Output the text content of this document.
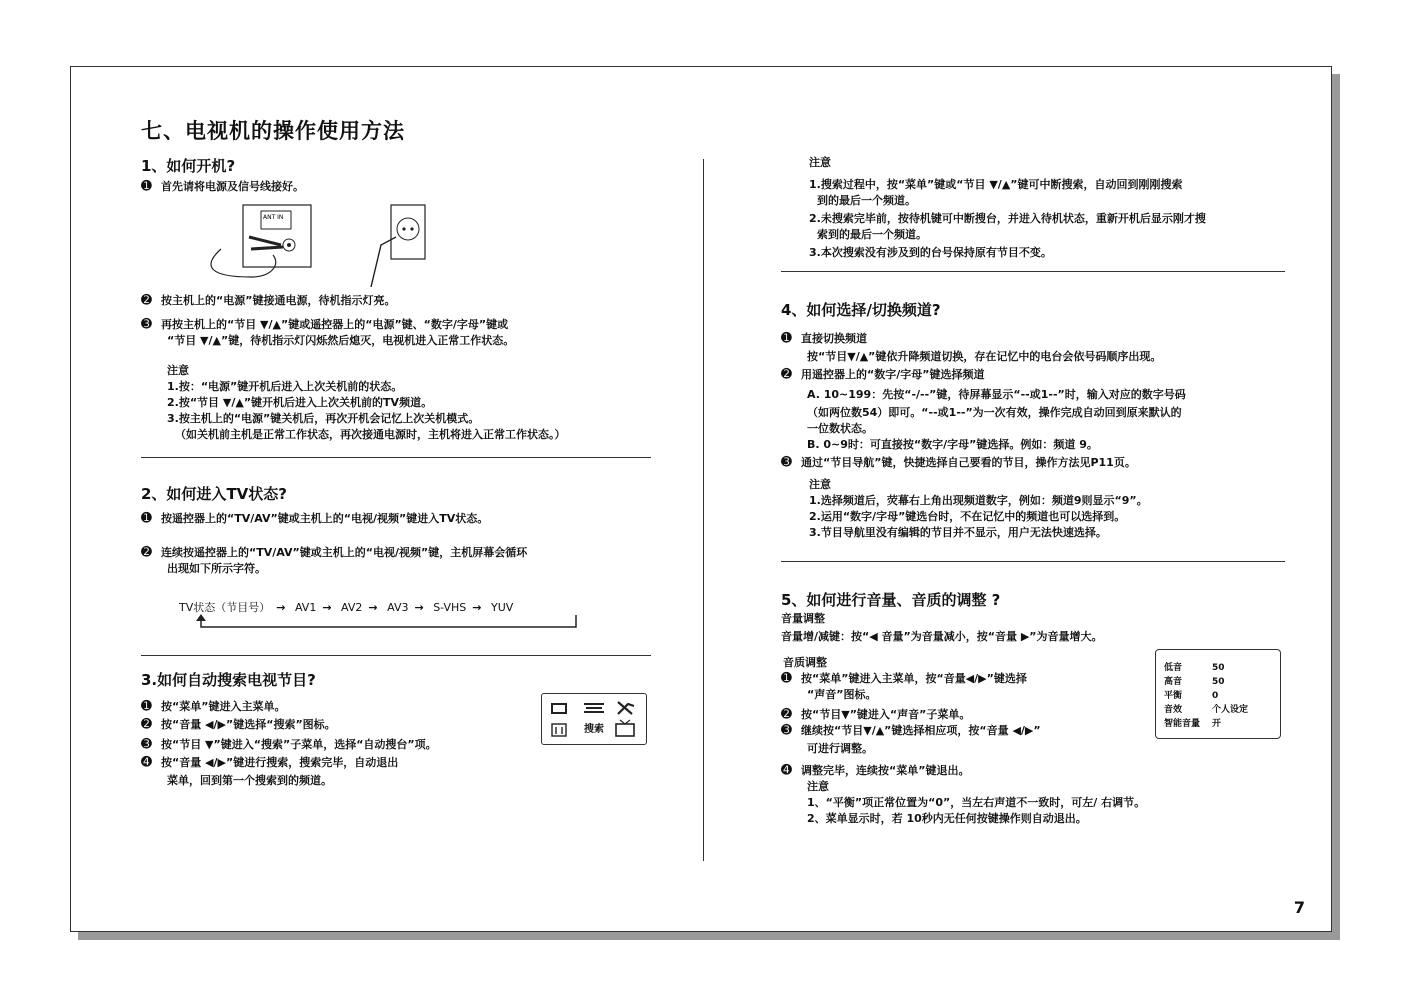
七、电视机的操作使用方法
1、如何开机?
➊ 首先请将电源及信号线接好。
ANT IN
➋ 按主机上的“电源”键接通电源，待机指示灯亮。
➌ 再按主机上的“节目 ▼/▲”键或遥控器上的“电源”键、“数字/字母”键或
“节目 ▼/▲”键，待机指示灯闪烁然后熄灭，电视机进入正常工作状态。
注意
1.按：“电源”键开机后进入上次关机前的状态。
2.按“节目 ▼/▲”键开机后进入上次关机前的TV频道。
3.按主机上的“电源”键关机后，再次开机会记忆上次关机模式。
（如关机前主机是正常工作状态，再次接通电源时，主机将进入正常工作状态。）
2、如何进入TV状态?
➊ 按遥控器上的“TV/AV”键或主机上的“电视/视频”键进入TV状态。
➋ 连续按遥控器上的“TV/AV”键或主机上的“电视/视频”键，主机屏幕会循环
出现如下所示字符。
TV状态（节目号） → AV1 → AV2 → AV3 → S-VHS → YUV
3.如何自动搜索电视节目?
➊ 按“菜单”键进入主菜单。
➋ 按“音量 ◀/▶”键选择“搜索”图标。
➌ 按“节目 ▼”键进入“搜索”子菜单，选择“自动搜台”项。
➍ 按“音量 ◀/▶”键进行搜索，搜索完毕，自动退出
菜单，回到第一个搜索到的频道。
搜索
注意
1.搜索过程中，按“菜单”键或“节目 ▼/▲”键可中断搜索，自动回到刚刚搜索
到的最后一个频道。
2.未搜索完毕前，按待机键可中断搜台，并进入待机状态，重新开机后显示刚才搜
索到的最后一个频道。
3.本次搜索没有涉及到的台号保持原有节目不变。
4、如何选择/切换频道?
➊ 直接切换频道
按“节目▼/▲”键依升降频道切换，存在记忆中的电台会依号码顺序出现。
➋ 用遥控器上的“数字/字母”键选择频道
A. 10~199：先按“-/--”键，待屏幕显示“--或1--”时，输入对应的数字号码
（如两位数54）即可。“--或1--”为一次有效，操作完成自动回到原来默认的
一位数状态。
B. 0~9时：可直接按“数字/字母”键选择。例如：频道 9。
➌ 通过“节目导航”键，快捷选择自己要看的节目，操作方法见P11页。
注意
1.选择频道后，荧幕右上角出现频道数字，例如：频道9则显示“9”。
2.运用“数字/字母”键选台时，不在记忆中的频道也可以选择到。
3.节目导航里没有编辑的节目并不显示，用户无法快速选择。
5、如何进行音量、音质的调整 ?
音量调整
音量增/减键：按“◀ 音量”为音量减小，按“音量 ▶”为音量增大。
音质调整
➊ 按“菜单”键进入主菜单，按“音量◀/▶”键选择
“声音”图标。
➋ 按“节目▼”键进入“声音”子菜单。
➌ 继续按“节目▼/▲”键选择相应项，按“音量 ◀/▶”
可进行调整。
➍ 调整完毕，连续按“菜单”键退出。
注意
1、“平衡”项正常位置为“0”，当左右声道不一致时，可左/ 右调节。
2、菜单显示时，若 10秒内无任何按键操作则自动退出。
低音	50
高音	50
平衡	0
音效	个人设定
智能音量 开
7
